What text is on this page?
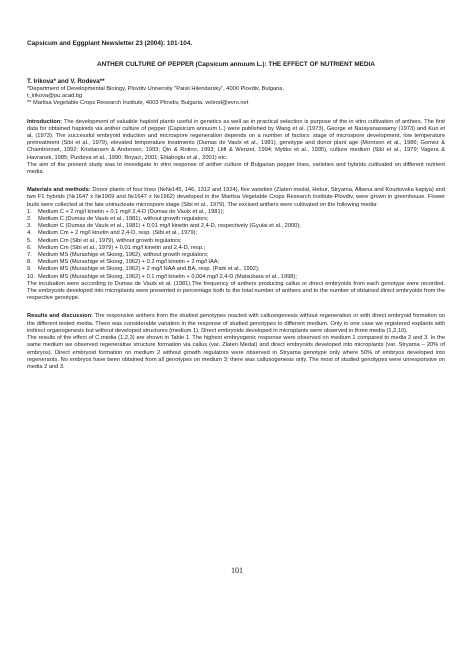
Capsicum and Eggplant Newsletter 23 (2004): 101-104.
ANTHER CULTURE OF PEPPER (Capsicum annuum L.): THE EFFECT OF NUTRIENT MEDIA
T. Irikova* and V. Rodeva**
*Department of Developmental Biology, Plovdiv University "Paisii Hilendarsky", 4000 Plovdiv, Bulgaria.
t_irikova@pu.acad.bg
** Maritsa Vegetable Crops Research Institute, 4003 Plovdiv, Bulgaria. velirod@evro.net

Introduction: The development of valuable haploid plants useful in genetics as well as in practical selection is purpose of the in vitro cultivation of anthers. The first data for obtained haploids via anther culture of pepper (Capsicum annuum L.) were published by Wang et al. (1973), George et Narayanaswamy (1973) and Kuo et al. (1973). The successful embryoid induction and microspore regeneration depends on a number of factors: stage of microspore development, low temperature pretreatment (Sibi et al., 1979), elevated temperature treatments (Dumas de Vaulx et al., 1981), genotype and donor plant age (Morrison et al., 1986; Gomez & Chambonnet, 1992; Kristiansen & Andersen, 1993; Qin & Rotino, 1993; Ltifi & Wenzel, 1994; Mytiko et al., 1995), culture medium (Sibi et al., 1979; Vagera & Havranek, 1985; Purdeva et al., 1990; Boyaci, 2001; Eliiaboglu et al., 2001) etc.

The aim of the present study was to investigate in vitro response of anther culture of Bulgarian pepper lines, varieties and hybrids cultivated on different nutrient media.

Materials and methods: Donor plants of four lines (№№145, 146, 1312 and 1924), five varieties (Zlaten medal, Hebur, Stryama, Albena and Kourtovska kapiya) and two F1 hybrids (№1647 x №1969 and №1647 x №1962) developed in the Maritsa Vegetable Crops Research Institute-Plovdiv, were grown in greenhouse. Flower buds were collected at the late uninucleate microspore stage (Sibi et al., 1979). The excised anthers were cultivated on the following media:

1.	Medium C + 2 mg/l kinetin + 0,1 mg/l 2,4-D (Dumas de Vaulx et al., 1981);
2.	Medium C (Dumas de Vaulx et al., 1981), without growth regulators;
3.	Medium C (Dumas de Vaulx et al., 1981) + 0,01 mg/l kinetin and 2,4-D, respectively (Gyulai et al., 2000);
4.	Medium Cm + 2 mg/l kinetin and 2,4-D, resp. (Sibi et al., 1979);
5.	Medium Cm (Sibi et al., 1979), without growth regulators;
6.	Medium Cm (Sibi et al., 1979) + 0,01 mg/l kinetin and 2,4-D, resp.;
7.	Medium MS (Murashige et Skoog, 1962), without growth regulators;
8.	Medium MS (Murashige et Skoog, 1962) + 0.2 mg/l kinetin + 2 mg/l IAA;
9.	Medium MS (Murashige et Skoog, 1962) + 2 mg/l NAA and BA, resp. (Park et al., 1992);
10. Medium MS (Murashige et Skoog, 1962) + 0.1 mg/l kinetin + 0,004 mg/l 2,4-D (Matsubara et al., 1998);

The incubation were according to Dumas de Vaulx et al. (1981).The frequency of anthers producing callus or direct embryoids from each genotype were recorded. The embryoids developed into microplants were presented in percentage both to the total number of anthers and to the number of obtained direct embryoids from the respective genotype.

Results and discussion: The responsive anthers from the studied genotypes reacted with callusogenesis without regeneration or with direct embryoid formation on the different tested media. There was considerable variation in the response of studied genotypes to different medium. Only in one case we registered explants with indirect organogenesis but without developed structures (medium 1). Direct embryoids developed in microplants were observed in three media (1,2,10).

The results of the effect of C media (1,2,3) are shown in Table 1. The highest embryogenic response were observed on medium 1 compared to media 2 and 3. In the same medium we observed regenerative structure formation via callus (var. Zlaten Medal) and direct embryoids developed into microplants (var. Stryama – 20% of embryos). Direct embryoid formation on medium 2 without growth regulators were observed in Stryama genotype only where 50% of embryos developed into regenerants. No embryos have been obtained from all genotypes on medium 3; there was callusogenesis only. The most of studied genotypes were unresponsive on media 2 and 3.

101
